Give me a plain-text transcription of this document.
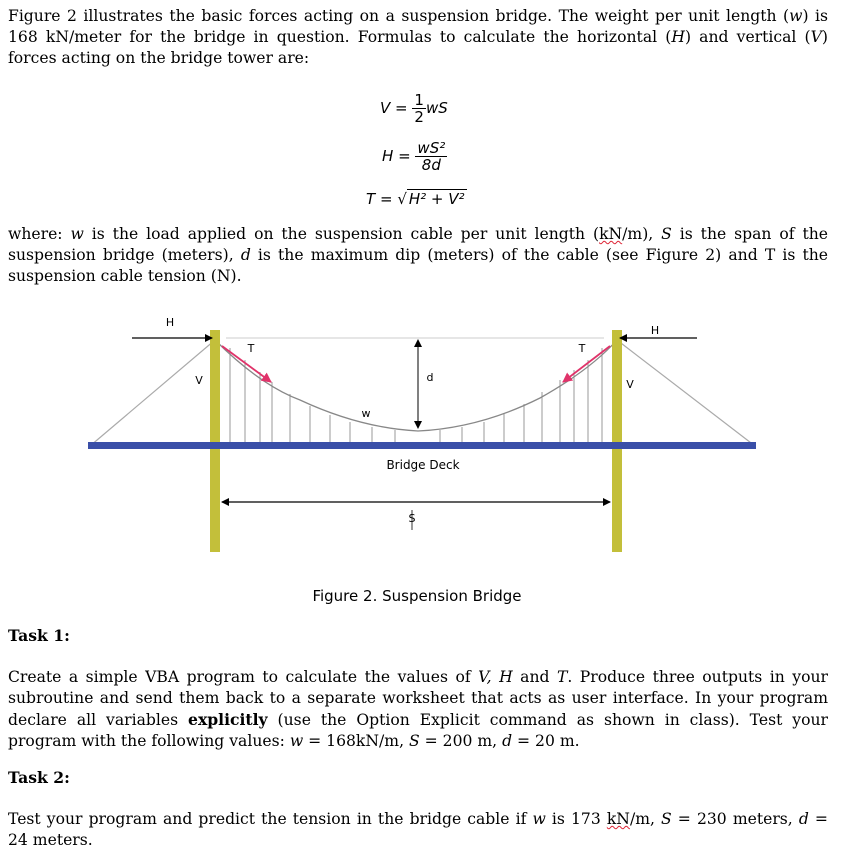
Figure 2 illustrates the basic forces acting on a suspension bridge. The weight per unit length (w) is 168 kN/meter for the bridge in question. Formulas to calculate the horizontal (H) and vertical (V) forces acting on the bridge tower are:
$V = \frac{1}{2}$ wS
$H = \frac{\text{wS²}}{8d}$
T = √ H² + V²
where: w is the load applied on the suspension cable per unit length (kN/m), S is the span of the suspension bridge (meters), d is the maximum dip (meters) of the cable (see Figure 2) and T is the suspension cable tension (N).
H
H
T	T
V	V
d
w
Bridge Deck
S
Figure 2. Suspension Bridge
Task 1:
Create a simple VBA program to calculate the values of V, H and T. Produce three outputs in your subroutine and send them back to a separate worksheet that acts as user interface. In your program declare all variables explicitly (use the Option Explicit command as shown in class). Test your program with the following values: w = 168kN/m, S = 200 m, d = 20 m.
Task 2:
Test your program and predict the tension in the bridge cable if w is 173 kN/m, S = 230 meters, d = 24 meters.
